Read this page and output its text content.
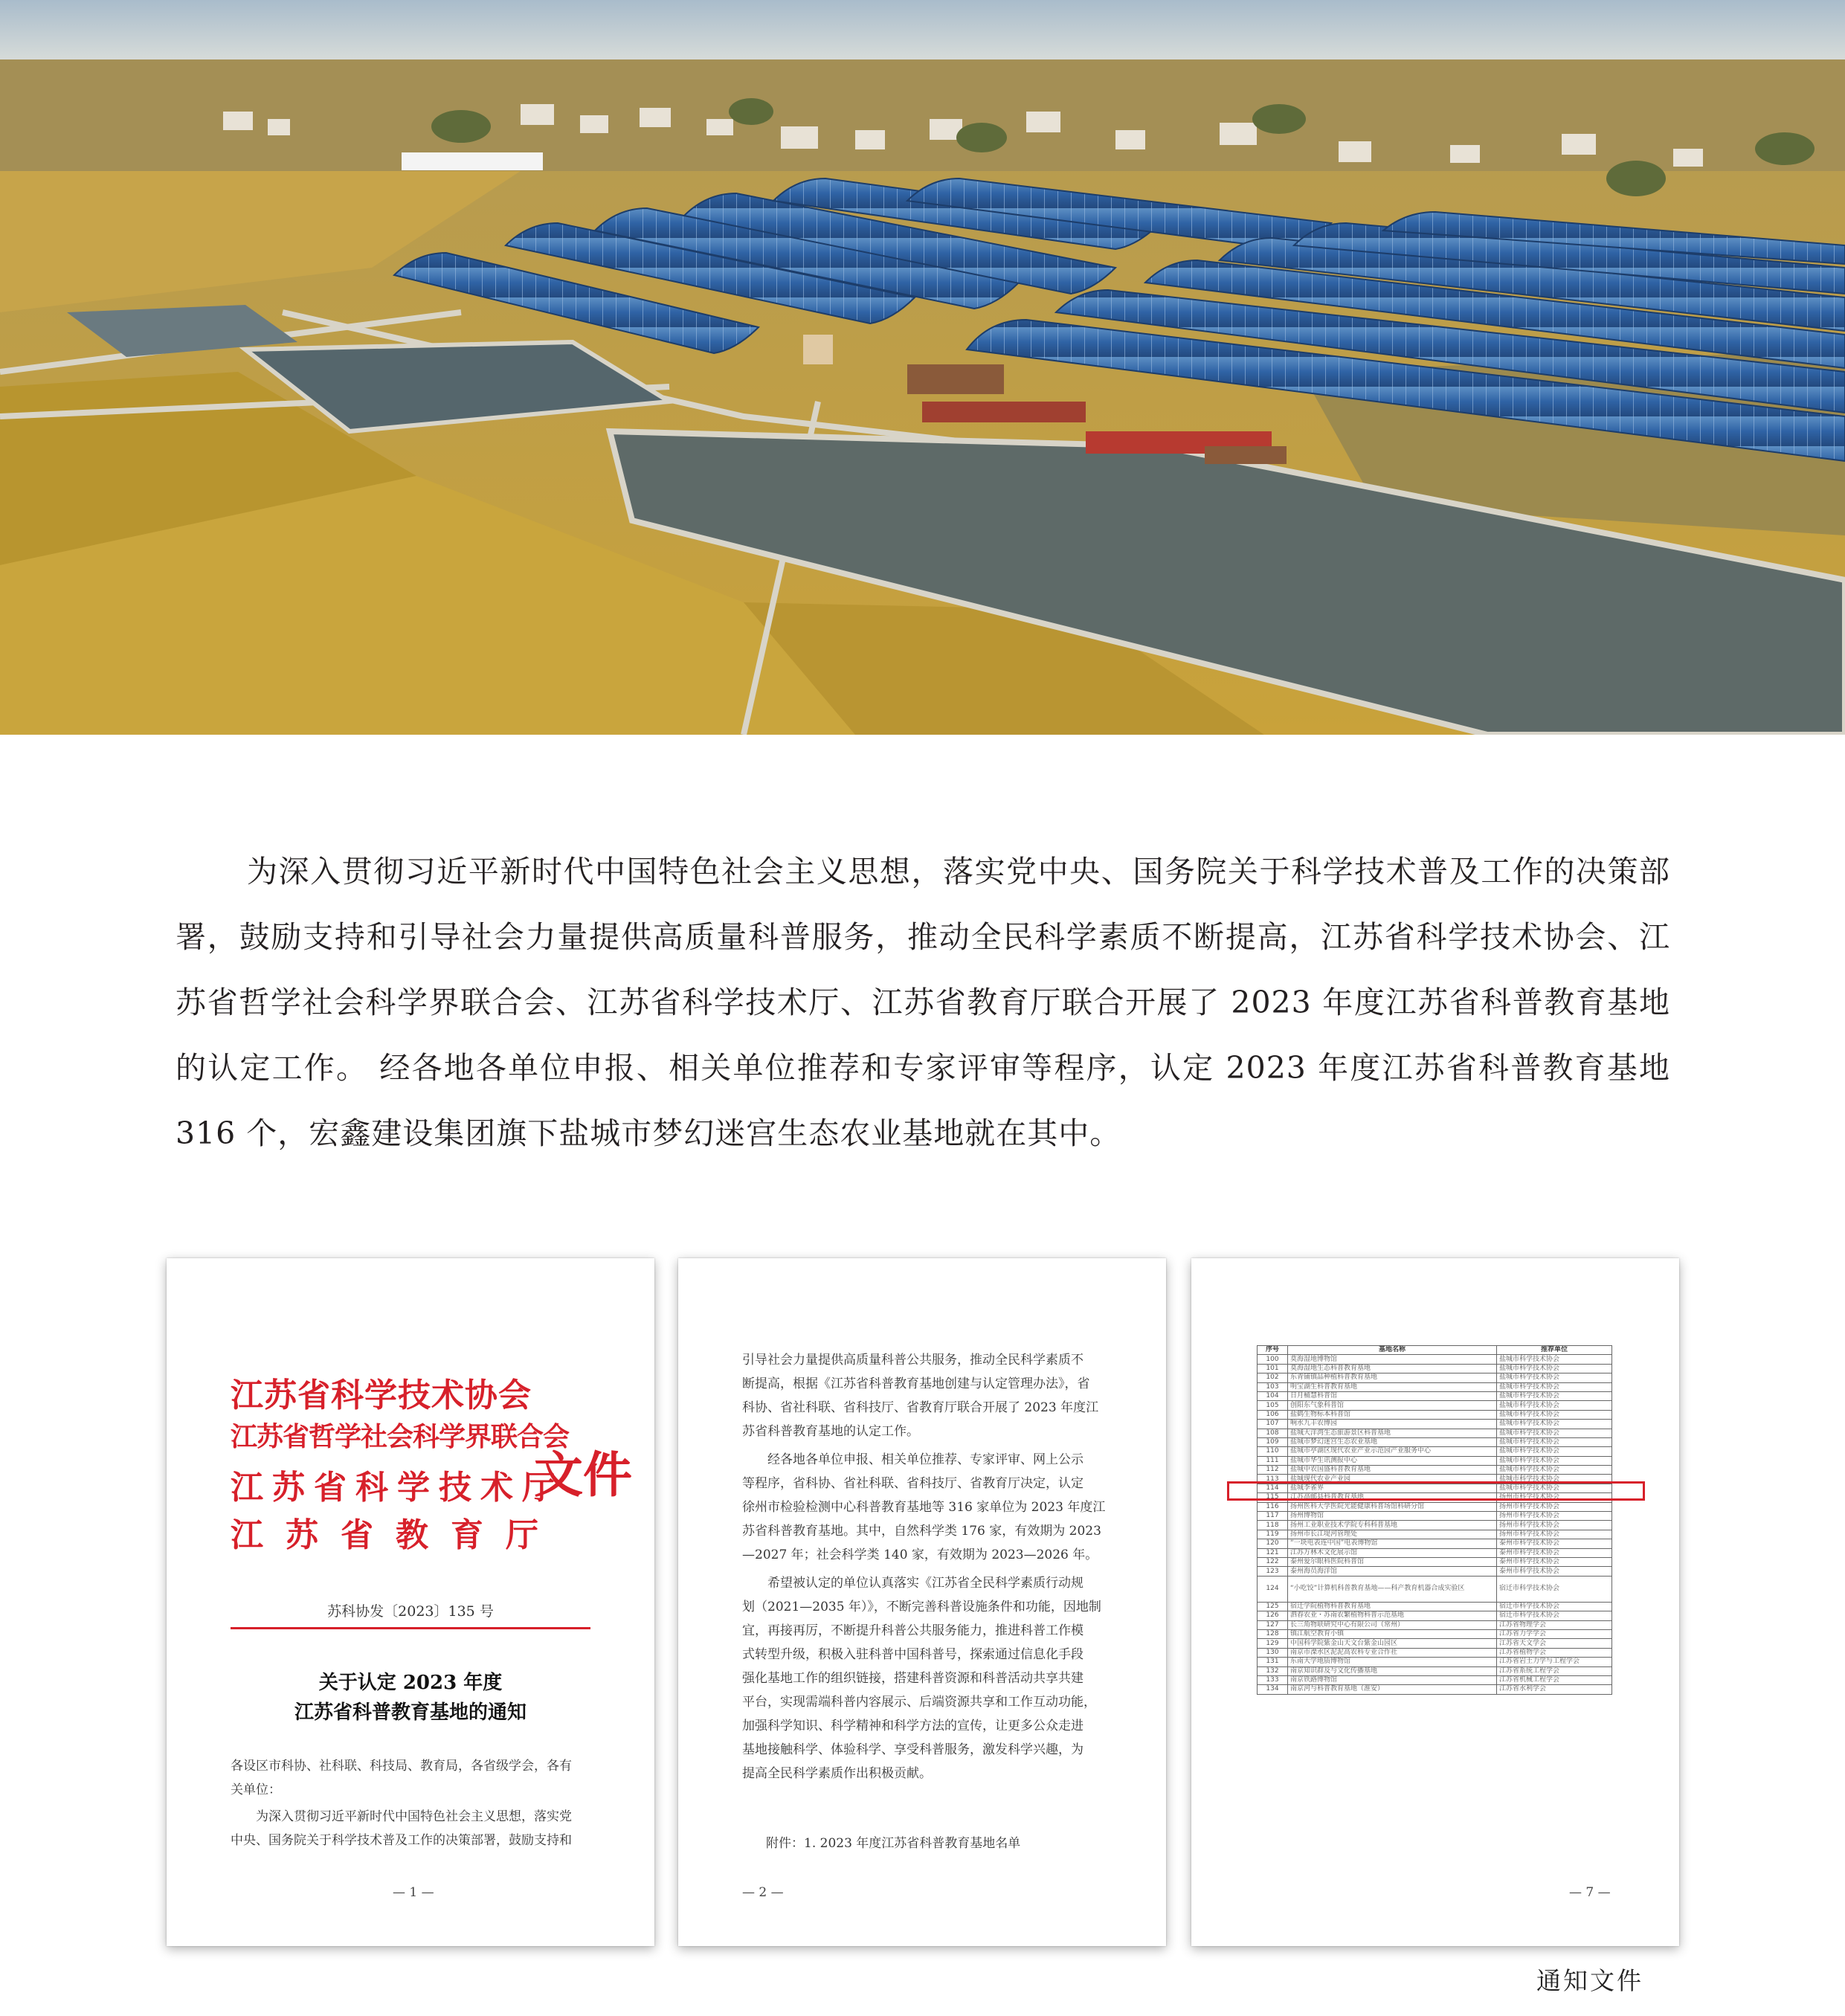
为深入贯彻习近平新时代中国特色社会主义思想，落实党中央、国务院关于科学技术普及工作的决策部署，鼓励支持和引导社会力量提供高质量科普服务，推动全民科学素质不断提高，江苏省科学技术协会、江苏省哲学社会科学界联合会、江苏省科学技术厅、江苏省教育厅联合开展了 2023 年度江苏省科普教育基地的认定工作。 经各地各单位申报、相关单位推荐和专家评审等程序，认定 2023 年度江苏省科普教育基地 316 个，宏鑫建设集团旗下盐城市梦幻迷宫生态农业基地就在其中。

江苏省科学技术协会
江苏省哲学社会科学界联合会
江苏省科学技术厅
江苏省教育厅
文件
苏科协发〔2023〕135 号
关于认定 2023 年度
江苏省科普教育基地的通知
各设区市科协、社科联、科技局、教育局，各省级学会，各有
关单位：
　　为深入贯彻习近平新时代中国特色社会主义思想，落实党
中央、国务院关于科学技术普及工作的决策部署，鼓励支持和
— 1 —
引导社会力量提供高质量科普公共服务，推动全民科学素质不
断提高，根据《江苏省科普教育基地创建与认定管理办法》，省
科协、省社科联、省科技厅、省教育厅联合开展了 2023 年度江
苏省科普教育基地的认定工作。
　　经各地各单位申报、相关单位推荐、专家评审、网上公示
等程序，省科协、省社科联、省科技厅、省教育厅决定，认定
徐州市检验检测中心科普教育基地等 316 家单位为 2023 年度江
苏省科普教育基地。其中，自然科学类 176 家，有效期为 2023
—2027 年；社会科学类 140 家，有效期为 2023—2026 年。
　　希望被认定的单位认真落实《江苏省全民科学素质行动规
划（2021—2035 年）》，不断完善科普设施条件和功能，因地制
宜，再接再厉，不断提升科普公共服务能力，推进科普工作模
式转型升级，积极入驻科普中国科普号，探索通过信息化手段
强化基地工作的组织链接，搭建科普资源和科普活动共享共建
平台，实现需端科普内容展示、后端资源共享和工作互动功能，
加强科学知识、科学精神和科学方法的宣传，让更多公众走进
基地接触科学、体验科学、享受科普服务，激发科学兴趣，为
提高全民科学素质作出积极贡献。
附件：1. 2023 年度江苏省科普教育基地名单
— 2 —
序号	基地名称	推荐单位
100	莫海湿地博物馆	盐城市科学技术协会
101	莫海湿地生态科普教育基地	盐城市科学技术协会
102	东青铺镇品种植科普教育基地	盐城市科学技术协会
103	明宝湖生科普教育基地	盐城市科学技术协会
104	日月桶慧科普馆	盐城市科学技术协会
105	创阳东气象科普馆	盐城市科学技术协会
106	盐鹤生物标本科普馆	盐城市科学技术协会
107	响水九丰农博园	盐城市科学技术协会
108	盐城大洋湾生态旅游景区科普基地	盐城市科学技术协会
109	盐城市梦幻迷宫生态农业基地	盐城市科学技术协会
110	盐城市亭湖区现代农业产业示范园产业服务中心	盐城市科学技术协会
111	盐城市华生讯测报中心	盐城市科学技术协会
112	盐城中农国盛科普教育基地	盐城市科学技术协会
113	盐城现代农业产业园	盐城市科学技术协会
114	盐城李雀界	盐城市科学技术协会
115	江苏高邮县科普教育基地	扬州市科学技术协会
116	扬州医科大学医院光能健康科普场馆科研分馆	扬州市科学技术协会
117	扬州博物馆	扬州市科学技术协会
118	扬州工业职业技术学院专科科普基地	扬州市科学技术协会
119	扬州市长江堤河管理处	扬州市科学技术协会
120	“一块电表连中国”电表博物馆	泰州市科学技术协会
121	江苏万林木文化展示馆	泰州市科学技术协会
122	泰州爱尔眼科医院科普馆	泰州市科学技术协会
123	泰州海员海洋馆	泰州市科学技术协会
124	“小吃饺”计算机科普教育基地——科产教育机器合成实验区	宿迁市科学技术协会
125	宿迁学院植物科普教育基地	宿迁市科学技术协会
126	泗春农业・苏南农繁植物科普示范基地	宿迁市科学技术协会
127	长三角物联研究中心有限公司（常州）	江苏省物理学会
128	镇江航空教育小镇	江苏省力学学会
129	中国科学院紫金山天文台紫金山园区	江苏省天文学会
130	南京市溧水区泥泥高农科专业合作社	江苏省植物学会
131	东南大学地质博物馆	江苏省岩土力学与工程学会
132	南京知识群及与文化传播基地	江苏省系统工程学会
133	南京铁路博物馆	江苏省机械工程学会
134	南京河与科普教育基地（淮安）	江苏省水利学会
— 7 —
通知文件
